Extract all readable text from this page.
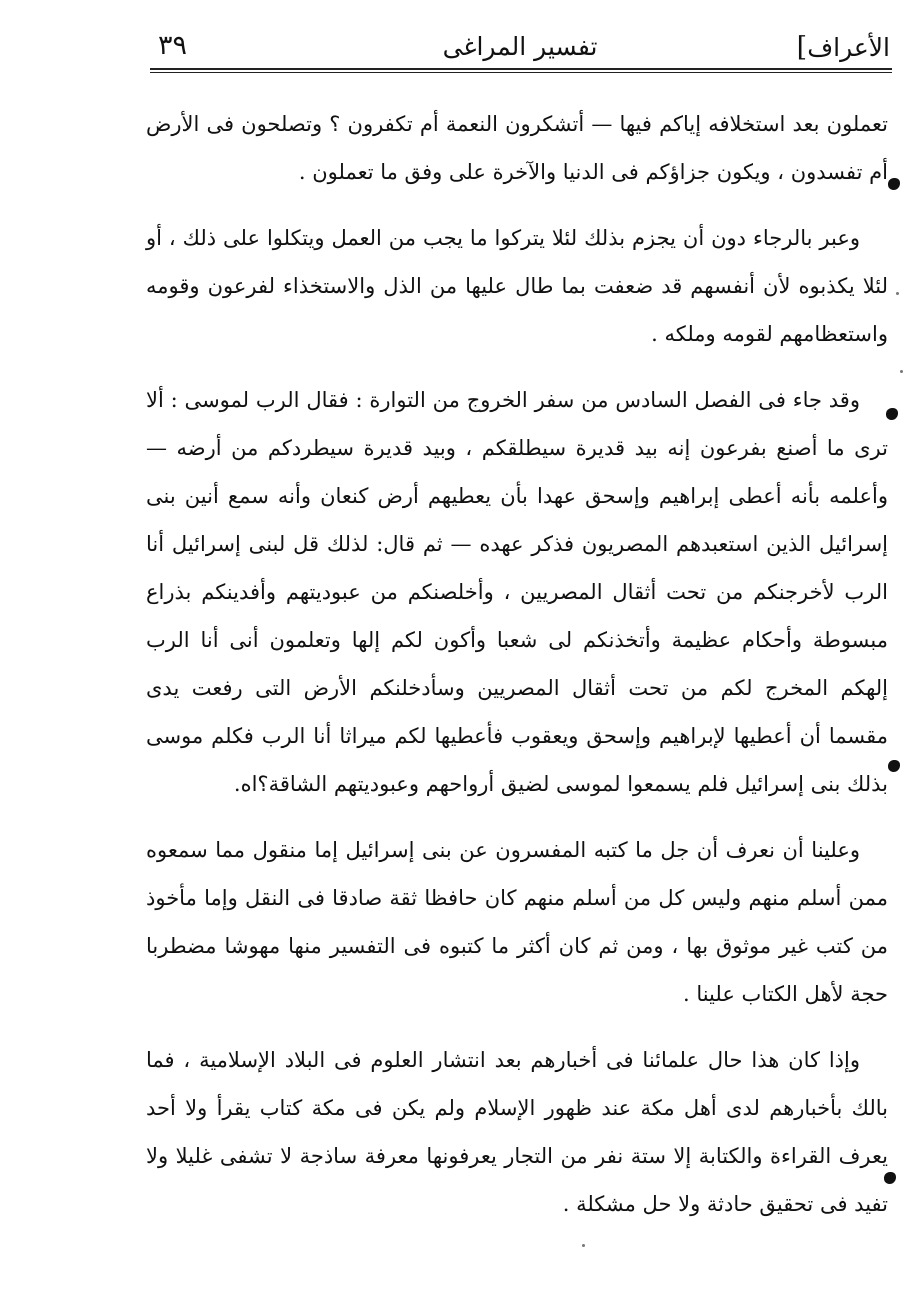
الأعراف]
تفسير المراغى
٣٩

تعملون بعد استخلافه إياكم فيها — أتشكرون النعمة أم تكفرون ؟ وتصلحون فى الأرض أم تفسدون ، ويكون جزاؤكم فى الدنيا والآخرة على وفق ما تعملون .

وعبر بالرجاء دون أن يجزم بذلك لئلا يتركوا ما يجب من العمل ويتكلوا على ذلك ، أو لئلا يكذبوه لأن أنفسهم قد ضعفت بما طال عليها من الذل والاستخذاء لفرعون وقومه واستعظامهم لقومه وملكه .

وقد جاء فى الفصل السادس من سفر الخروج من التوارة : فقال الرب لموسى : ألا ترى ما أصنع بفرعون إنه بيد قديرة سيطلقكم ، وبيد قديرة سيطردكم من أرضه — وأعلمه بأنه أعطى إبراهيم وإسحق عهدا بأن يعطيهم أرض كنعان وأنه سمع أنين بنى إسرائيل الذين استعبدهم المصريون فذكر عهده — ثم قال: لذلك قل لبنى إسرائيل أنا الرب لأخرجنكم من تحت أثقال المصريين ، وأخلصنكم من عبوديتهم وأفدينكم بذراع مبسوطة وأحكام عظيمة وأتخذنكم لى شعبا وأكون لكم إلها وتعلمون أنى أنا الرب إلهكم المخرج لكم من تحت أثقال المصريين وسأدخلنكم الأرض التى رفعت يدى مقسما أن أعطيها لإبراهيم وإسحق ويعقوب فأعطيها لكم ميراثا أنا الرب فكلم موسى بذلك بنى إسرائيل فلم يسمعوا لموسى لضيق أرواحهم وعبوديتهم الشاقة؟اه.

وعلينا أن نعرف أن جل ما كتبه المفسرون عن بنى إسرائيل إما منقول مما سمعوه ممن أسلم منهم وليس كل من أسلم منهم كان حافظا ثقة صادقا فى النقل وإما مأخوذ من كتب غير موثوق بها ، ومن ثم كان أكثر ما كتبوه فى التفسير منها مهوشا مضطربا حجة لأهل الكتاب علينا .

وإذا كان هذا حال علمائنا فى أخبارهم بعد انتشار العلوم فى البلاد الإسلامية ، فما بالك بأخبارهم لدى أهل مكة عند ظهور الإسلام ولم يكن فى مكة كتاب يقرأ ولا أحد يعرف القراءة والكتابة إلا ستة نفر من التجار يعرفونها معرفة ساذجة لا تشفى غليلا ولا تفيد فى تحقيق حادثة ولا حل مشكلة .
